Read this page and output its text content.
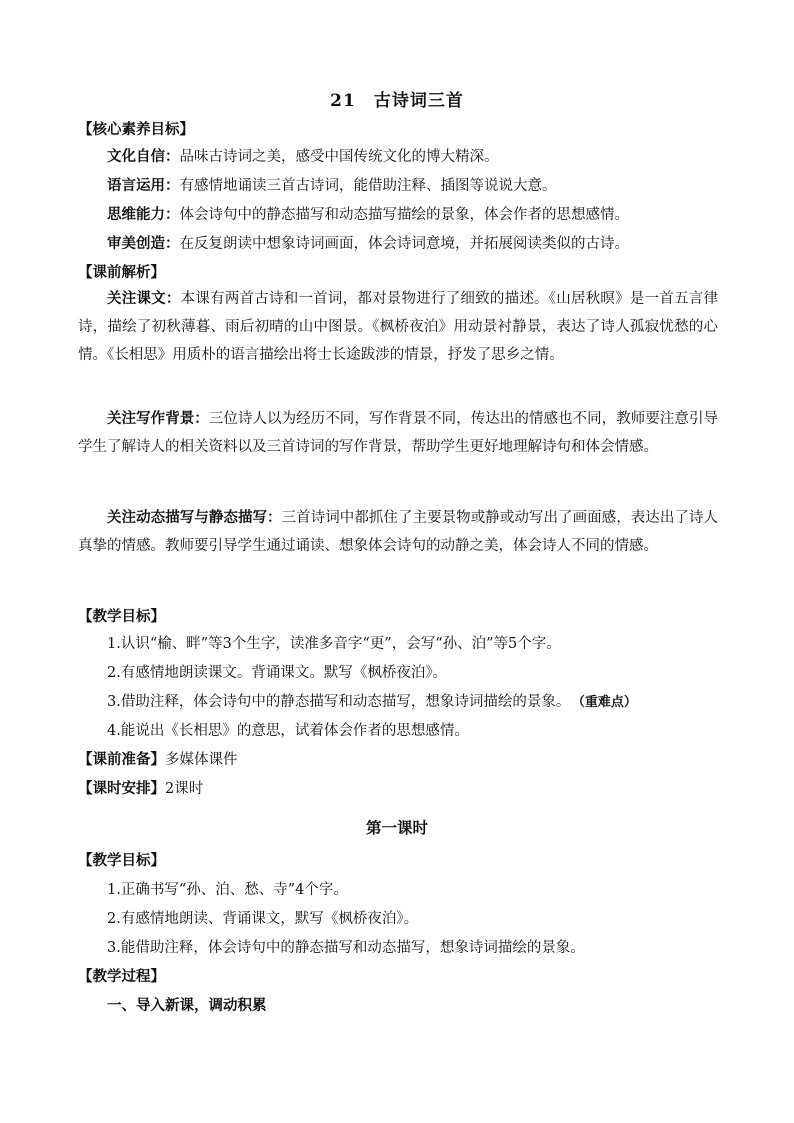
21　古诗词三首
【核心素养目标】
文化自信：品味古诗词之美，感受中国传统文化的博大精深。
语言运用：有感情地诵读三首古诗词，能借助注释、插图等说说大意。
思维能力：体会诗句中的静态描写和动态描写描绘的景象，体会作者的思想感情。
审美创造：在反复朗读中想象诗词画面，体会诗词意境，并拓展阅读类似的古诗。
【课前解析】
关注课文：本课有两首古诗和一首词，都对景物进行了细致的描述。《山居秋暝》是一首五言律诗，描绘了初秋薄暮、雨后初晴的山中图景。《枫桥夜泊》用动景衬静景，表达了诗人孤寂忧愁的心情。《长相思》用质朴的语言描绘出将士长途跋涉的情景，抒发了思乡之情。
关注写作背景：三位诗人以为经历不同，写作背景不同，传达出的情感也不同，教师要注意引导学生了解诗人的相关资料以及三首诗词的写作背景，帮助学生更好地理解诗句和体会情感。
关注动态描写与静态描写：三首诗词中都抓住了主要景物或静或动写出了画面感，表达出了诗人真挚的情感。教师要引导学生通过诵读、想象体会诗句的动静之美，体会诗人不同的情感。
【教学目标】
1.认识“榆、畔”等3个生字，读准多音字“更”，会写“孙、泊”等5个字。
2.有感情地朗读课文。背诵课文。默写《枫桥夜泊》。
3.借助注释，体会诗句中的静态描写和动态描写，想象诗词描绘的景象。 （重难点）
4.能说出《长相思》的意思，试着体会作者的思想感情。
【课前准备】多媒体课件
【课时安排】2课时
第一课时
【教学目标】
1.正确书写“孙、泊、愁、寺”4个字。
2.有感情地朗读、背诵课文，默写《枫桥夜泊》。
3.能借助注释，体会诗句中的静态描写和动态描写，想象诗词描绘的景象。
【教学过程】
一、导入新课，调动积累
